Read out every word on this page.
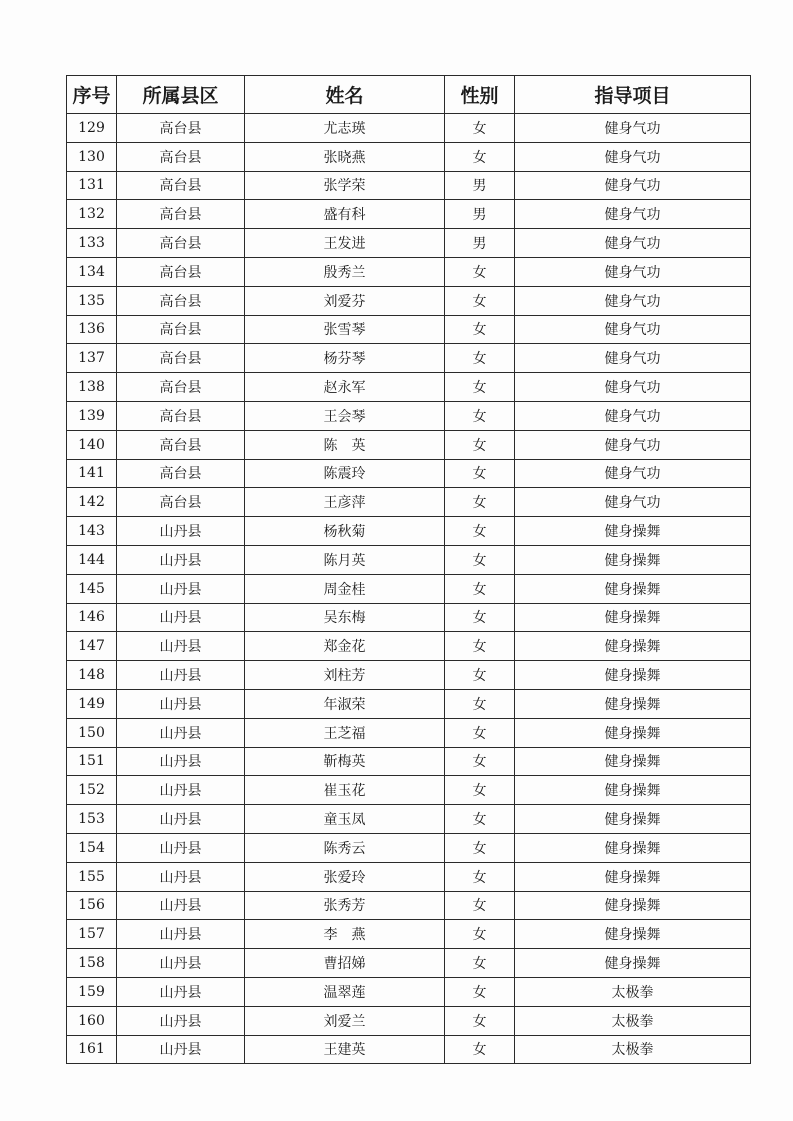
序号	所属县区	姓名	性别	指导项目
129	高台县	尤志瑛	女	健身气功
130	高台县	张晓燕	女	健身气功
131	高台县	张学荣	男	健身气功
132	高台县	盛有科	男	健身气功
133	高台县	王发进	男	健身气功
134	高台县	殷秀兰	女	健身气功
135	高台县	刘爱芬	女	健身气功
136	高台县	张雪琴	女	健身气功
137	高台县	杨芬琴	女	健身气功
138	高台县	赵永军	女	健身气功
139	高台县	王会琴	女	健身气功
140	高台县	陈　英	女	健身气功
141	高台县	陈震玲	女	健身气功
142	高台县	王彦萍	女	健身气功
143	山丹县	杨秋菊	女	健身操舞
144	山丹县	陈月英	女	健身操舞
145	山丹县	周金桂	女	健身操舞
146	山丹县	吴东梅	女	健身操舞
147	山丹县	郑金花	女	健身操舞
148	山丹县	刘柱芳	女	健身操舞
149	山丹县	年淑荣	女	健身操舞
150	山丹县	王芝福	女	健身操舞
151	山丹县	靳梅英	女	健身操舞
152	山丹县	崔玉花	女	健身操舞
153	山丹县	童玉凤	女	健身操舞
154	山丹县	陈秀云	女	健身操舞
155	山丹县	张爱玲	女	健身操舞
156	山丹县	张秀芳	女	健身操舞
157	山丹县	李　燕	女	健身操舞
158	山丹县	曹招娣	女	健身操舞
159	山丹县	温翠莲	女	太极拳
160	山丹县	刘爱兰	女	太极拳
161	山丹县	王建英	女	太极拳
